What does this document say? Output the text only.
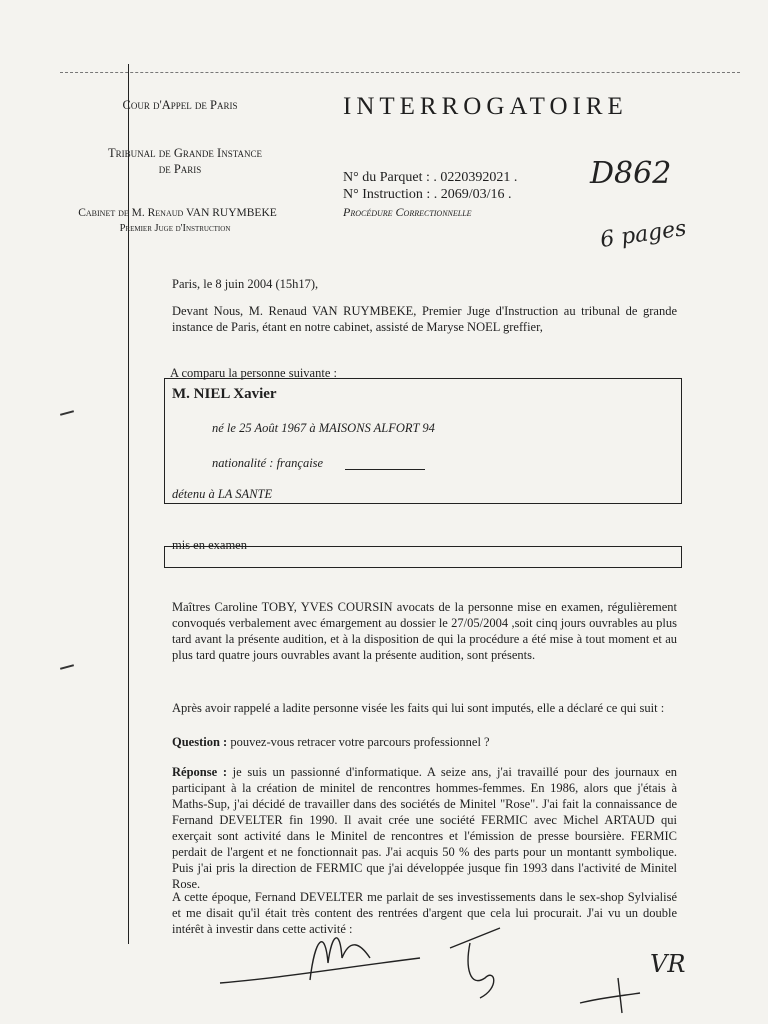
Cour d'Appel de Paris
Tribunal de Grande Instance
de Paris
Cabinet de M. Renaud VAN RUYMBEKE
Premier Juge d'Instruction
INTERROGATOIRE
N° du Parquet : . 0220392021 .
N° Instruction : . 2069/03/16 .
Procédure Correctionnelle
D862
6 pages
Paris, le 8 juin 2004 (15h17),
Devant Nous, M. Renaud VAN RUYMBEKE, Premier Juge d'Instruction au tribunal de grande instance de Paris, étant en notre cabinet, assisté de Maryse NOEL greffier,
A comparu la personne suivante :
M. NIEL Xavier
né le 25 Août 1967 à MAISONS ALFORT 94
nationalité : française
détenu à LA SANTE
mis en examen
Maîtres Caroline TOBY, YVES COURSIN avocats de la personne mise en examen, régulièrement convoqués verbalement avec émargement au dossier le 27/05/2004 ,soit cinq jours ouvrables au plus tard avant la présente audition, et à la disposition de qui la procédure a été mise à tout moment et au plus tard quatre jours ouvrables avant la présente audition, sont présents.
Après avoir rappelé a ladite personne visée les faits qui lui sont imputés, elle a déclaré ce qui suit :
Question : pouvez-vous retracer votre parcours professionnel ?
Réponse : je suis un passionné d'informatique. A seize ans, j'ai travaillé pour des journaux en participant à la création de minitel de rencontres hommes-femmes. En 1986, alors que j'étais à Maths-Sup, j'ai décidé de travailler dans des sociétés de Minitel "Rose". J'ai fait la connaissance de Fernand DEVELTER fin 1990. Il avait crée une société FERMIC avec Michel ARTAUD qui exerçait sont activité dans le Minitel de rencontres et l'émission de presse boursière. FERMIC perdait de l'argent et ne fonctionnait pas. J'ai acquis 50 % des parts pour un montantt symbolique. Puis j'ai pris la direction de FERMIC que j'ai développée jusque fin 1993 dans l'activité de Minitel Rose.
A cette époque, Fernand DEVELTER me parlait de ses investissements dans le sex-shop Sylvialisé et me disait qu'il était très content des rentrées d'argent que cela lui procurait. J'ai vu un double intérêt à investir dans cette activité :
VR
